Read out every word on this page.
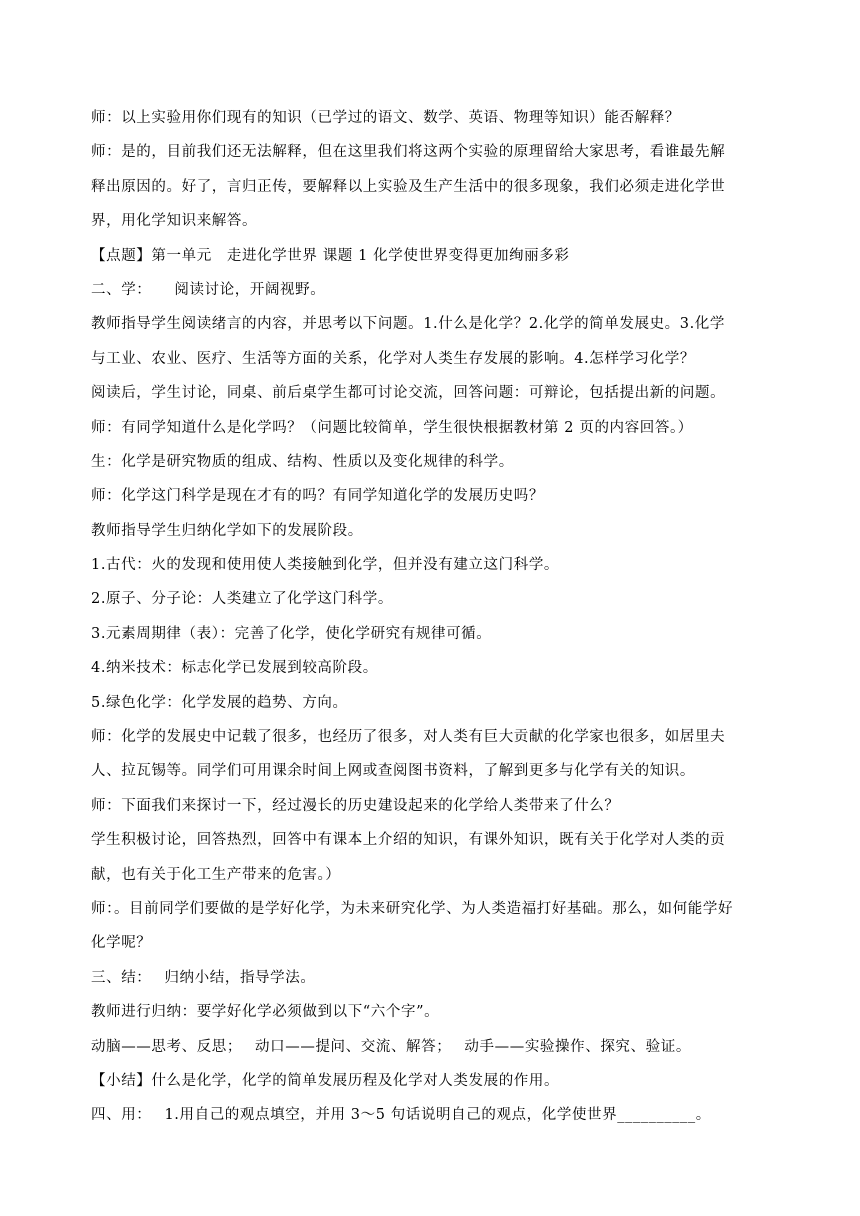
师：以上实验用你们现有的知识（已学过的语文、数学、英语、物理等知识）能否解释？
师：是的，目前我们还无法解释，但在这里我们将这两个实验的原理留给大家思考，看谁最先解
释出原因的。好了，言归正传，要解释以上实验及生产生活中的很多现象，我们必须走进化学世
界，用化学知识来解答。
【点题】第一单元　走进化学世界 课题 1 化学使世界变得更加绚丽多彩
二、学：　　阅读讨论，开阔视野。
教师指导学生阅读绪言的内容，并思考以下问题。1.什么是化学？2.化学的简单发展史。3.化学
与工业、农业、医疗、生活等方面的关系，化学对人类生存发展的影响。4.怎样学习化学？
阅读后，学生讨论，同桌、前后桌学生都可讨论交流，回答问题：可辩论，包括提出新的问题。
师：有同学知道什么是化学吗？（问题比较简单，学生很快根据教材第 2 页的内容回答。）
生：化学是研究物质的组成、结构、性质以及变化规律的科学。
师：化学这门科学是现在才有的吗？有同学知道化学的发展历史吗？
教师指导学生归纳化学如下的发展阶段。
1.古代：火的发现和使用使人类接触到化学，但并没有建立这门科学。
2.原子、分子论：人类建立了化学这门科学。
3.元素周期律（表）：完善了化学，使化学研究有规律可循。
4.纳米技术：标志化学已发展到较高阶段。
5.绿色化学：化学发展的趋势、方向。
师：化学的发展史中记载了很多，也经历了很多，对人类有巨大贡献的化学家也很多，如居里夫
人、拉瓦锡等。同学们可用课余时间上网或查阅图书资料，了解到更多与化学有关的知识。
师：下面我们来探讨一下，经过漫长的历史建设起来的化学给人类带来了什么？
学生积极讨论，回答热烈，回答中有课本上介绍的知识，有课外知识，既有关于化学对人类的贡
献，也有关于化工生产带来的危害。）
师：。目前同学们要做的是学好化学，为未来研究化学、为人类造福打好基础。那么，如何能学好
化学呢？
三、结：　 归纳小结，指导学法。
教师进行归纳：要学好化学必须做到以下“六个字”。
动脑——思考、反思；　 动口——提问、交流、解答；　 动手——实验操作、探究、验证。
【小结】什么是化学，化学的简单发展历程及化学对人类发展的作用。
四、用：　 1.用自己的观点填空，并用 3～5 句话说明自己的观点，化学使世界__________。
